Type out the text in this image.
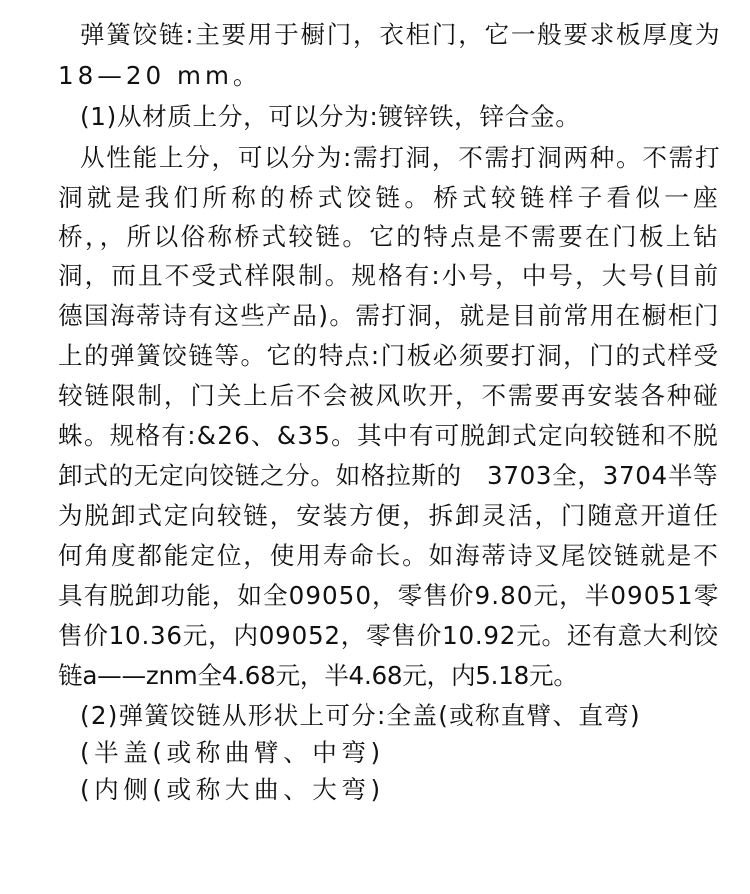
弹簧饺链:主要用于橱门，衣柜门，它一般要求板厚度为
18—20 mm。
(1)从材质上分，可以分为:镀锌铁，锌合金。
从性能上分，可以分为:需打洞，不需打洞两种。不需打
洞就是我们所称的桥式饺链。桥式较链样子看似一座
桥，，所以俗称桥式较链。它的特点是不需要在门板上钻
洞，而且不受式样限制。规格有:小号，中号，大号(目前
德国海蒂诗有这些产品)。需打洞，就是目前常用在橱柜门
上的弹簧饺链等。它的特点:门板必须要打洞，门的式样受
较链限制，门关上后不会被风吹开，不需要再安装各种碰
蛛。规格有:&26、&35。其中有可脱卸式定向较链和不脱
卸式的无定向饺链之分。如格拉斯的　3703全，3704半等
为脱卸式定向较链，安装方便，拆卸灵活，门随意开道任
何角度都能定位，使用寿命长。如海蒂诗叉尾饺链就是不
具有脱卸功能，如全09050，零售价9.80元，半09051零
售价10.36元，内09052，零售价10.92元。还有意大利饺
链a——znm全4.68元，半4.68元，内5.18元。
(2)弹簧饺链从形状上可分:全盖(或称直臂、直弯)
(半盖(或称曲臂、中弯)
(内侧(或称大曲、大弯)
